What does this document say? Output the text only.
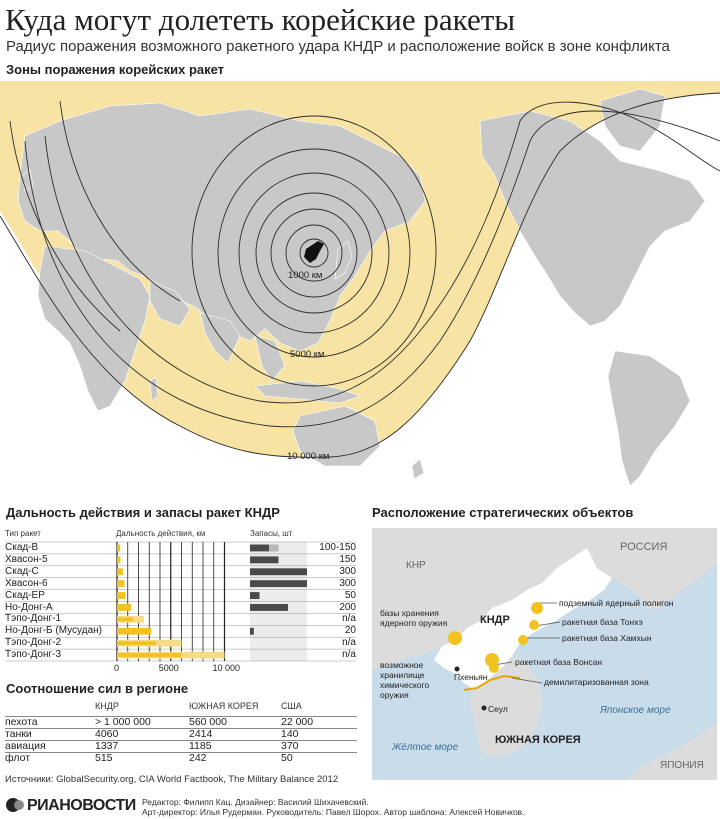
Куда могут долететь корейские ракеты
Радиус поражения возможного ракетного удара КНДР и расположение войск в зоне конфликта
Зоны поражения корейских ракет
1000 км
5000 км
10 000 км
Дальность действия и запасы ракет КНДР
Тип ракет	Дальность действия, км	Запасы, шт
0	5000	10 000
Скад-В	100-150
Хвасон-5	150
Скад-С	300
Хвасон-6	300
Скад-ЕР	50
Но-Донг-А	200
Тэпо-Донг-1	n/a
Но-Донг-Б (Мусудан)	20
Тэпо-Донг-2	n/a
Тэпо-Донг-3	n/a
Соотношение сил в регионе
	КНДР	ЮЖНАЯ КОРЕЯ	США
пехота	> 1 000 000	560 000	22 000
танки	4060	2414	140
авиация	1337	1185	370
флот	515	242	50
Расположение стратегических объектов
КНР
РОССИЯ
КНДР
ЮЖНАЯ КОРЕЯ
ЯПОНИЯ
Японское море
Жёлтое море
Пхеньян
Сеул
подземный ядерный полигон
ракетная база Тонхэ
ракетная база Хамхын
ракетная база Вонсан
демилитаризованная зона
базы хранения ядерного оружия
возможное хранилище химического оружия
Источники: GlobalSecurity.org, CIA World Factbook, The Military Balance 2012
РИАНОВОСТИ Редактор: Филипп Кац. Дизайнер: Василий Шихачевский.
Арт-директор: Илья Рудерман. Руководитель: Павел Шорох. Автор шаблона: Алексей Новичков.
